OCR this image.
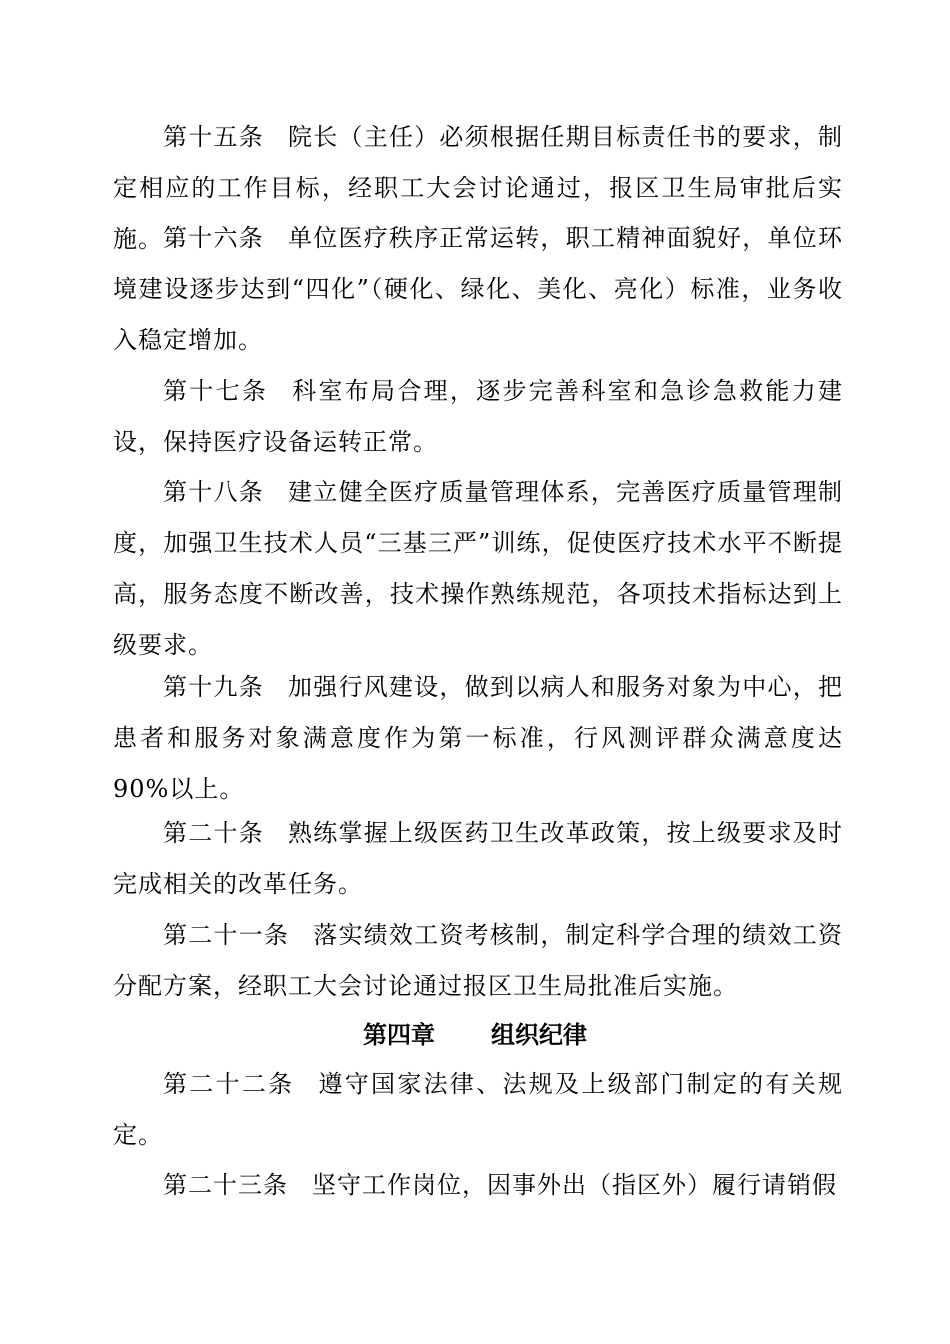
第十五条 院长（主任）必须根据任期目标责任书的要求，制定相应的工作目标，经职工大会讨论通过，报区卫生局审批后实施。 第十六条 单位医疗秩序正常运转，职工精神面貌好，单位环境建设逐步达到“四化”（硬化、绿化、美化、亮化）标准，业务收入稳定增加。

第十七条 科室布局合理，逐步完善科室和急诊急救能力建设，保持医疗设备运转正常。

第十八条 建立健全医疗质量管理体系，完善医疗质量管理制度，加强卫生技术人员“三基三严”训练，促使医疗技术水平不断提高，服务态度不断改善，技术操作熟练规范，各项技术指标达到上级要求。

第十九条 加强行风建设，做到以病人和服务对象为中心，把患者和服务对象满意度作为第一标准，行风测评群众满意度达90%以上。

第二十条 熟练掌握上级医药卫生改革政策，按上级要求及时完成相关的改革任务。

第二十一条 落实绩效工资考核制，制定科学合理的绩效工资分配方案，经职工大会讨论通过报区卫生局批准后实施。

第四章 组织纪律

第二十二条 遵守国家法律、法规及上级部门制定的有关规定。

第二十三条 坚守工作岗位，因事外出（指区外）履行请销假
